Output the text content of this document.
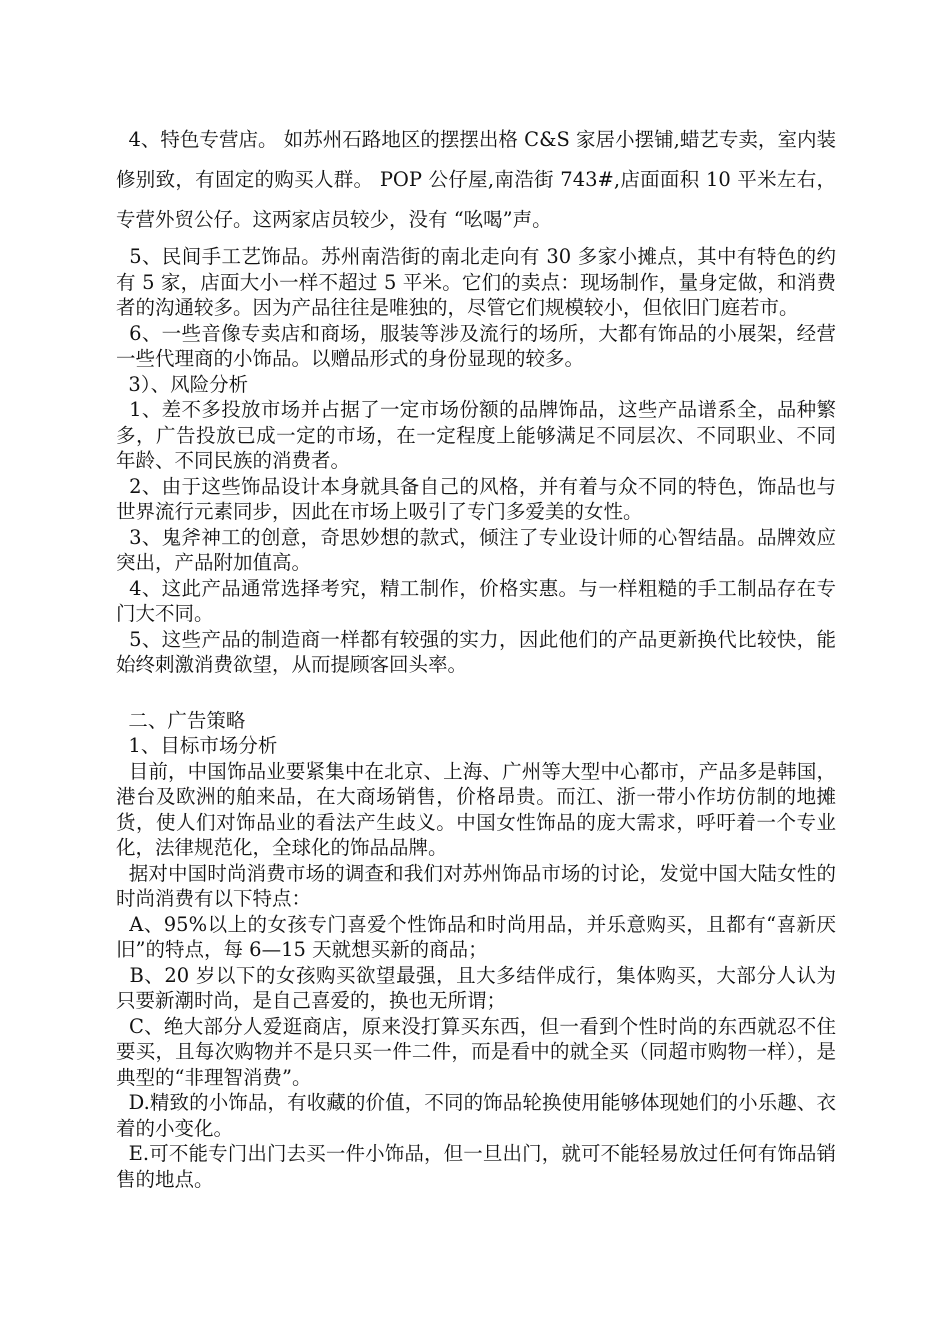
4、特色专营店。 如苏州石路地区的摆摆出格 C&S 家居小摆铺,蜡艺专卖，室内装修别致，有固定的购买人群。 POP 公仔屋,南浩街 743#,店面面积 10 平米左右，专营外贸公仔。这两家店员较少，没有 “吆喝”声。

5、民间手工艺饰品。苏州南浩街的南北走向有 30 多家小摊点，其中有特色的约有 5 家，店面大小一样不超过 5 平米。它们的卖点：现场制作，量身定做，和消费者的沟通较多。因为产品往往是唯独的，尽管它们规模较小，但依旧门庭若市。

6、一些音像专卖店和商场，服装等涉及流行的场所，大都有饰品的小展架，经营一些代理商的小饰品。以赠品形式的身份显现的较多。

3）、风险分析

1、差不多投放市场并占据了一定市场份额的品牌饰品，这些产品谱系全，品种繁多，广告投放已成一定的市场，在一定程度上能够满足不同层次、不同职业、不同年龄、不同民族的消费者。

2、由于这些饰品设计本身就具备自己的风格，并有着与众不同的特色，饰品也与世界流行元素同步，因此在市场上吸引了专门多爱美的女性。

3、鬼斧神工的创意，奇思妙想的款式，倾注了专业设计师的心智结晶。品牌效应突出，产品附加值高。

4、这此产品通常选择考究，精工制作，价格实惠。与一样粗糙的手工制品存在专门大不同。

5、这些产品的制造商一样都有较强的实力，因此他们的产品更新换代比较快，能始终刺激消费欲望，从而提顾客回头率。

二、广告策略

1、目标市场分析

目前，中国饰品业要紧集中在北京、上海、广州等大型中心都市，产品多是韩国，港台及欧洲的舶来品，在大商场销售，价格昂贵。而江、浙一带小作坊仿制的地摊货，使人们对饰品业的看法产生歧义。中国女性饰品的庞大需求，呼吁着一个专业化，法律规范化，全球化的饰品品牌。

据对中国时尚消费市场的调查和我们对苏州饰品市场的讨论，发觉中国大陆女性的时尚消费有以下特点：

A、95%以上的女孩专门喜爱个性饰品和时尚用品，并乐意购买，且都有“喜新厌旧”的特点，每 6—15 天就想买新的商品；

B、20 岁以下的女孩购买欲望最强，且大多结伴成行，集体购买，大部分人认为只要新潮时尚，是自己喜爱的，换也无所谓；

C、绝大部分人爱逛商店，原来没打算买东西，但一看到个性时尚的东西就忍不住要买，且每次购物并不是只买一件二件，而是看中的就全买（同超市购物一样），是典型的“非理智消费”。

D.精致的小饰品，有收藏的价值，不同的饰品轮换使用能够体现她们的小乐趣、衣着的小变化。

E.可不能专门出门去买一件小饰品，但一旦出门，就可不能轻易放过任何有饰品销售的地点。
